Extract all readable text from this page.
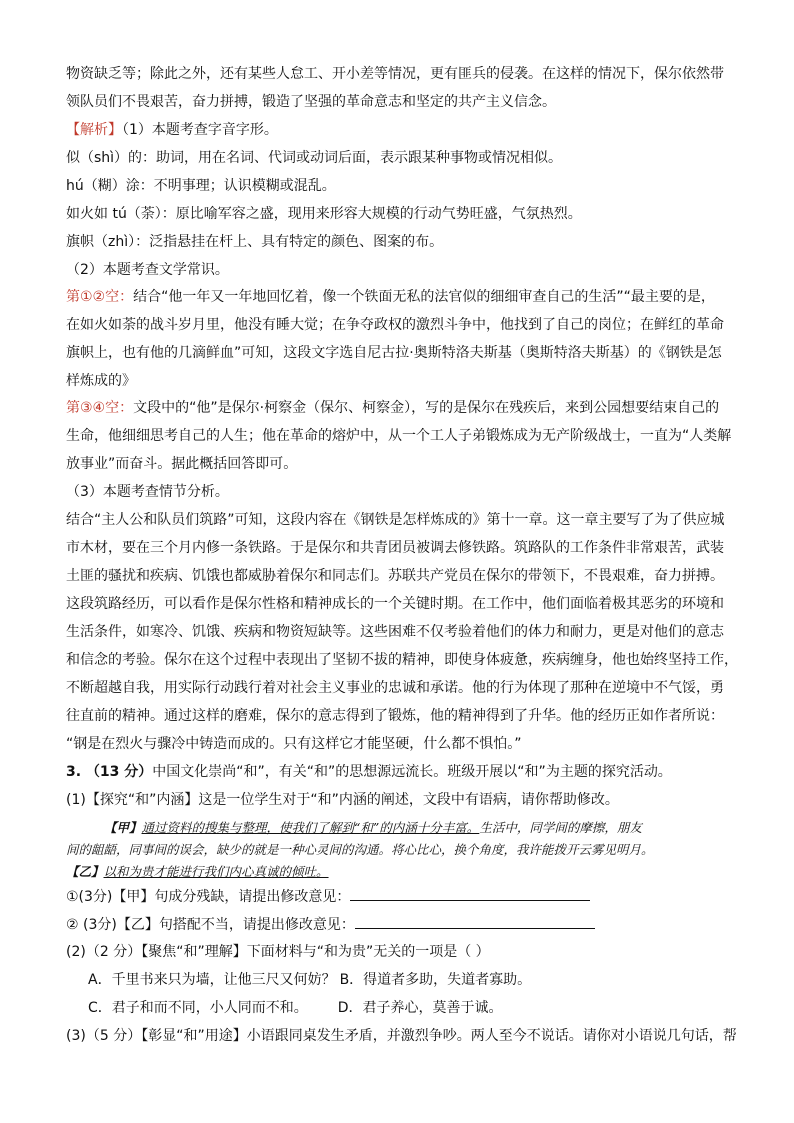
物资缺乏等；除此之外，还有某些人怠工、开小差等情况，更有匪兵的侵袭。在这样的情况下，保尔依然带
领队员们不畏艰苦，奋力拼搏，锻造了坚强的革命意志和坚定的共产主义信念。
【解析】（1）本题考查字音字形。
似（shì）的：助词，用在名词、代词或动词后面，表示跟某种事物或情况相似。
hú（糊）涂：不明事理；认识模糊或混乱。
如火如 tú（荼）：原比喻军容之盛，现用来形容大规模的行动气势旺盛，气氛热烈。
旗帜（zhì）：泛指悬挂在杆上、具有特定的颜色、图案的布。
（2）本题考查文学常识。
第①②空：结合“他一年又一年地回忆着，像一个铁面无私的法官似的细细审查自己的生活”“最主要的是，
在如火如荼的战斗岁月里，他没有睡大觉；在争夺政权的激烈斗争中，他找到了自己的岗位；在鲜红的革命
旗帜上，也有他的几滴鲜血”可知，这段文字选自尼古拉·奥斯特洛夫斯基（奥斯特洛夫斯基）的《钢铁是怎
样炼成的》
第③④空：文段中的“他”是保尔·柯察金（保尔、柯察金），写的是保尔在残疾后，来到公园想要结束自己的
生命，他细细思考自己的人生；他在革命的熔炉中，从一个工人子弟锻炼成为无产阶级战士，一直为“人类解
放事业”而奋斗。据此概括回答即可。
（3）本题考查情节分析。
结合“主人公和队员们筑路”可知，这段内容在《钢铁是怎样炼成的》第十一章。这一章主要写了为了供应城
市木材，要在三个月内修一条铁路。于是保尔和共青团员被调去修铁路。筑路队的工作条件非常艰苦，武装
土匪的骚扰和疾病、饥饿也都威胁着保尔和同志们。苏联共产党员在保尔的带领下，不畏艰难，奋力拼搏。
这段筑路经历，可以看作是保尔性格和精神成长的一个关键时期。在工作中，他们面临着极其恶劣的环境和
生活条件，如寒冷、饥饿、疾病和物资短缺等。这些困难不仅考验着他们的体力和耐力，更是对他们的意志
和信念的考验。保尔在这个过程中表现出了坚韧不拔的精神，即使身体疲惫，疾病缠身，他也始终坚持工作，
不断超越自我，用实际行动践行着对社会主义事业的忠诚和承诺。他的行为体现了那种在逆境中不气馁，勇
往直前的精神。通过这样的磨难，保尔的意志得到了锻炼，他的精神得到了升华。他的经历正如作者所说：
“钢是在烈火与骤冷中铸造而成的。只有这样它才能坚硬，什么都不惧怕。”
3. （13 分）中国文化崇尚“和”，有关“和”的思想源远流长。班级开展以“和”为主题的探究活动。
(1)【探究“和”内涵】这是一位学生对于“和”内涵的阐述，文段中有语病，请你帮助修改。
【甲】通过资料的搜集与整理，使我们了解到“和”的内涵十分丰富。生活中，同学间的摩擦，朋友
间的龃龉，同事间的误会，缺少的就是一种心灵间的沟通。将心比心，换个角度，我许能拨开云雾见明月。
【乙】以和为贵才能进行我们内心真诚的倾吐。
①(3分)【甲】句成分残缺，请提出修改意见：
② (3分)【乙】句搭配不当，请提出修改意见：
(2)（2 分）【聚焦“和”理解】下面材料与“和为贵”无关的一项是（ ）
A．千里书来只为墙，让他三尺又何妨？ B．得道者多助，失道者寡助。
C．君子和而不同，小人同而不和。 D．君子养心，莫善于诚。
(3)（5 分）【彰显“和”用途】小语跟同桌发生矛盾，并激烈争吵。两人至今不说话。请你对小语说几句话，帮
